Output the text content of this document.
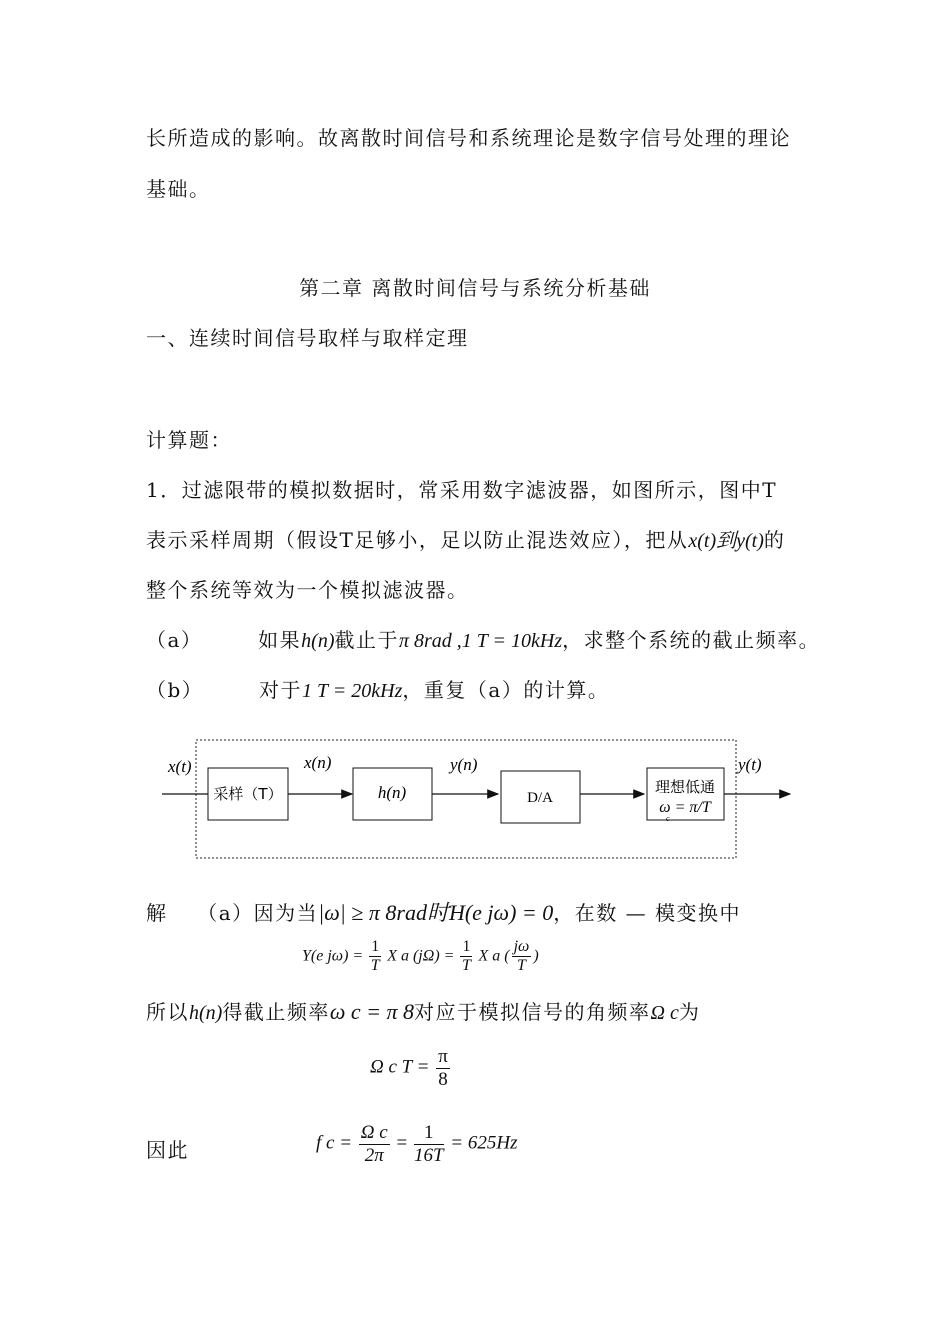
长所造成的影响。故离散时间信号和系统理论是数字信号处理的理论
基础。
第二章 离散时间信号与系统分析基础
一、连续时间信号取样与取样定理
计算题：
1．过滤限带的模拟数据时，常采用数字滤波器，如图所示，图中T
表示采样周期（假设T足够小，足以防止混迭效应），把从x(t)到y(t)的
整个系统等效为一个模拟滤波器。
（a）	如果h(n)截止于π 8rad ,1 T = 10kHz，求整个系统的截止频率。
（b）	对于1 T = 20kHz，重复（a）的计算。
采样（T）	h(n)	D/A
理想低通
ω = π/T
c
x(t)	x(n)	y(n)	y(t)
解 （a）因为当|ω| ≥ π 8rad时H(e jω) = 0，在数 — 模变换中
Y(e $j\omega) = \frac{1}{T}$ X a $(j\Omega) = \frac{1}{T}$ X a ( $\frac{j\omega}{T}$ )
所以h(n)得截止频率ω c = π 8对应于模拟信号的角频率Ω c为
Ω c $T = \frac{\pi}{8}$
因此	f $c = \frac{\text{Ω c}}{2\pi} = \frac{1}{16T} = 625Hz$
